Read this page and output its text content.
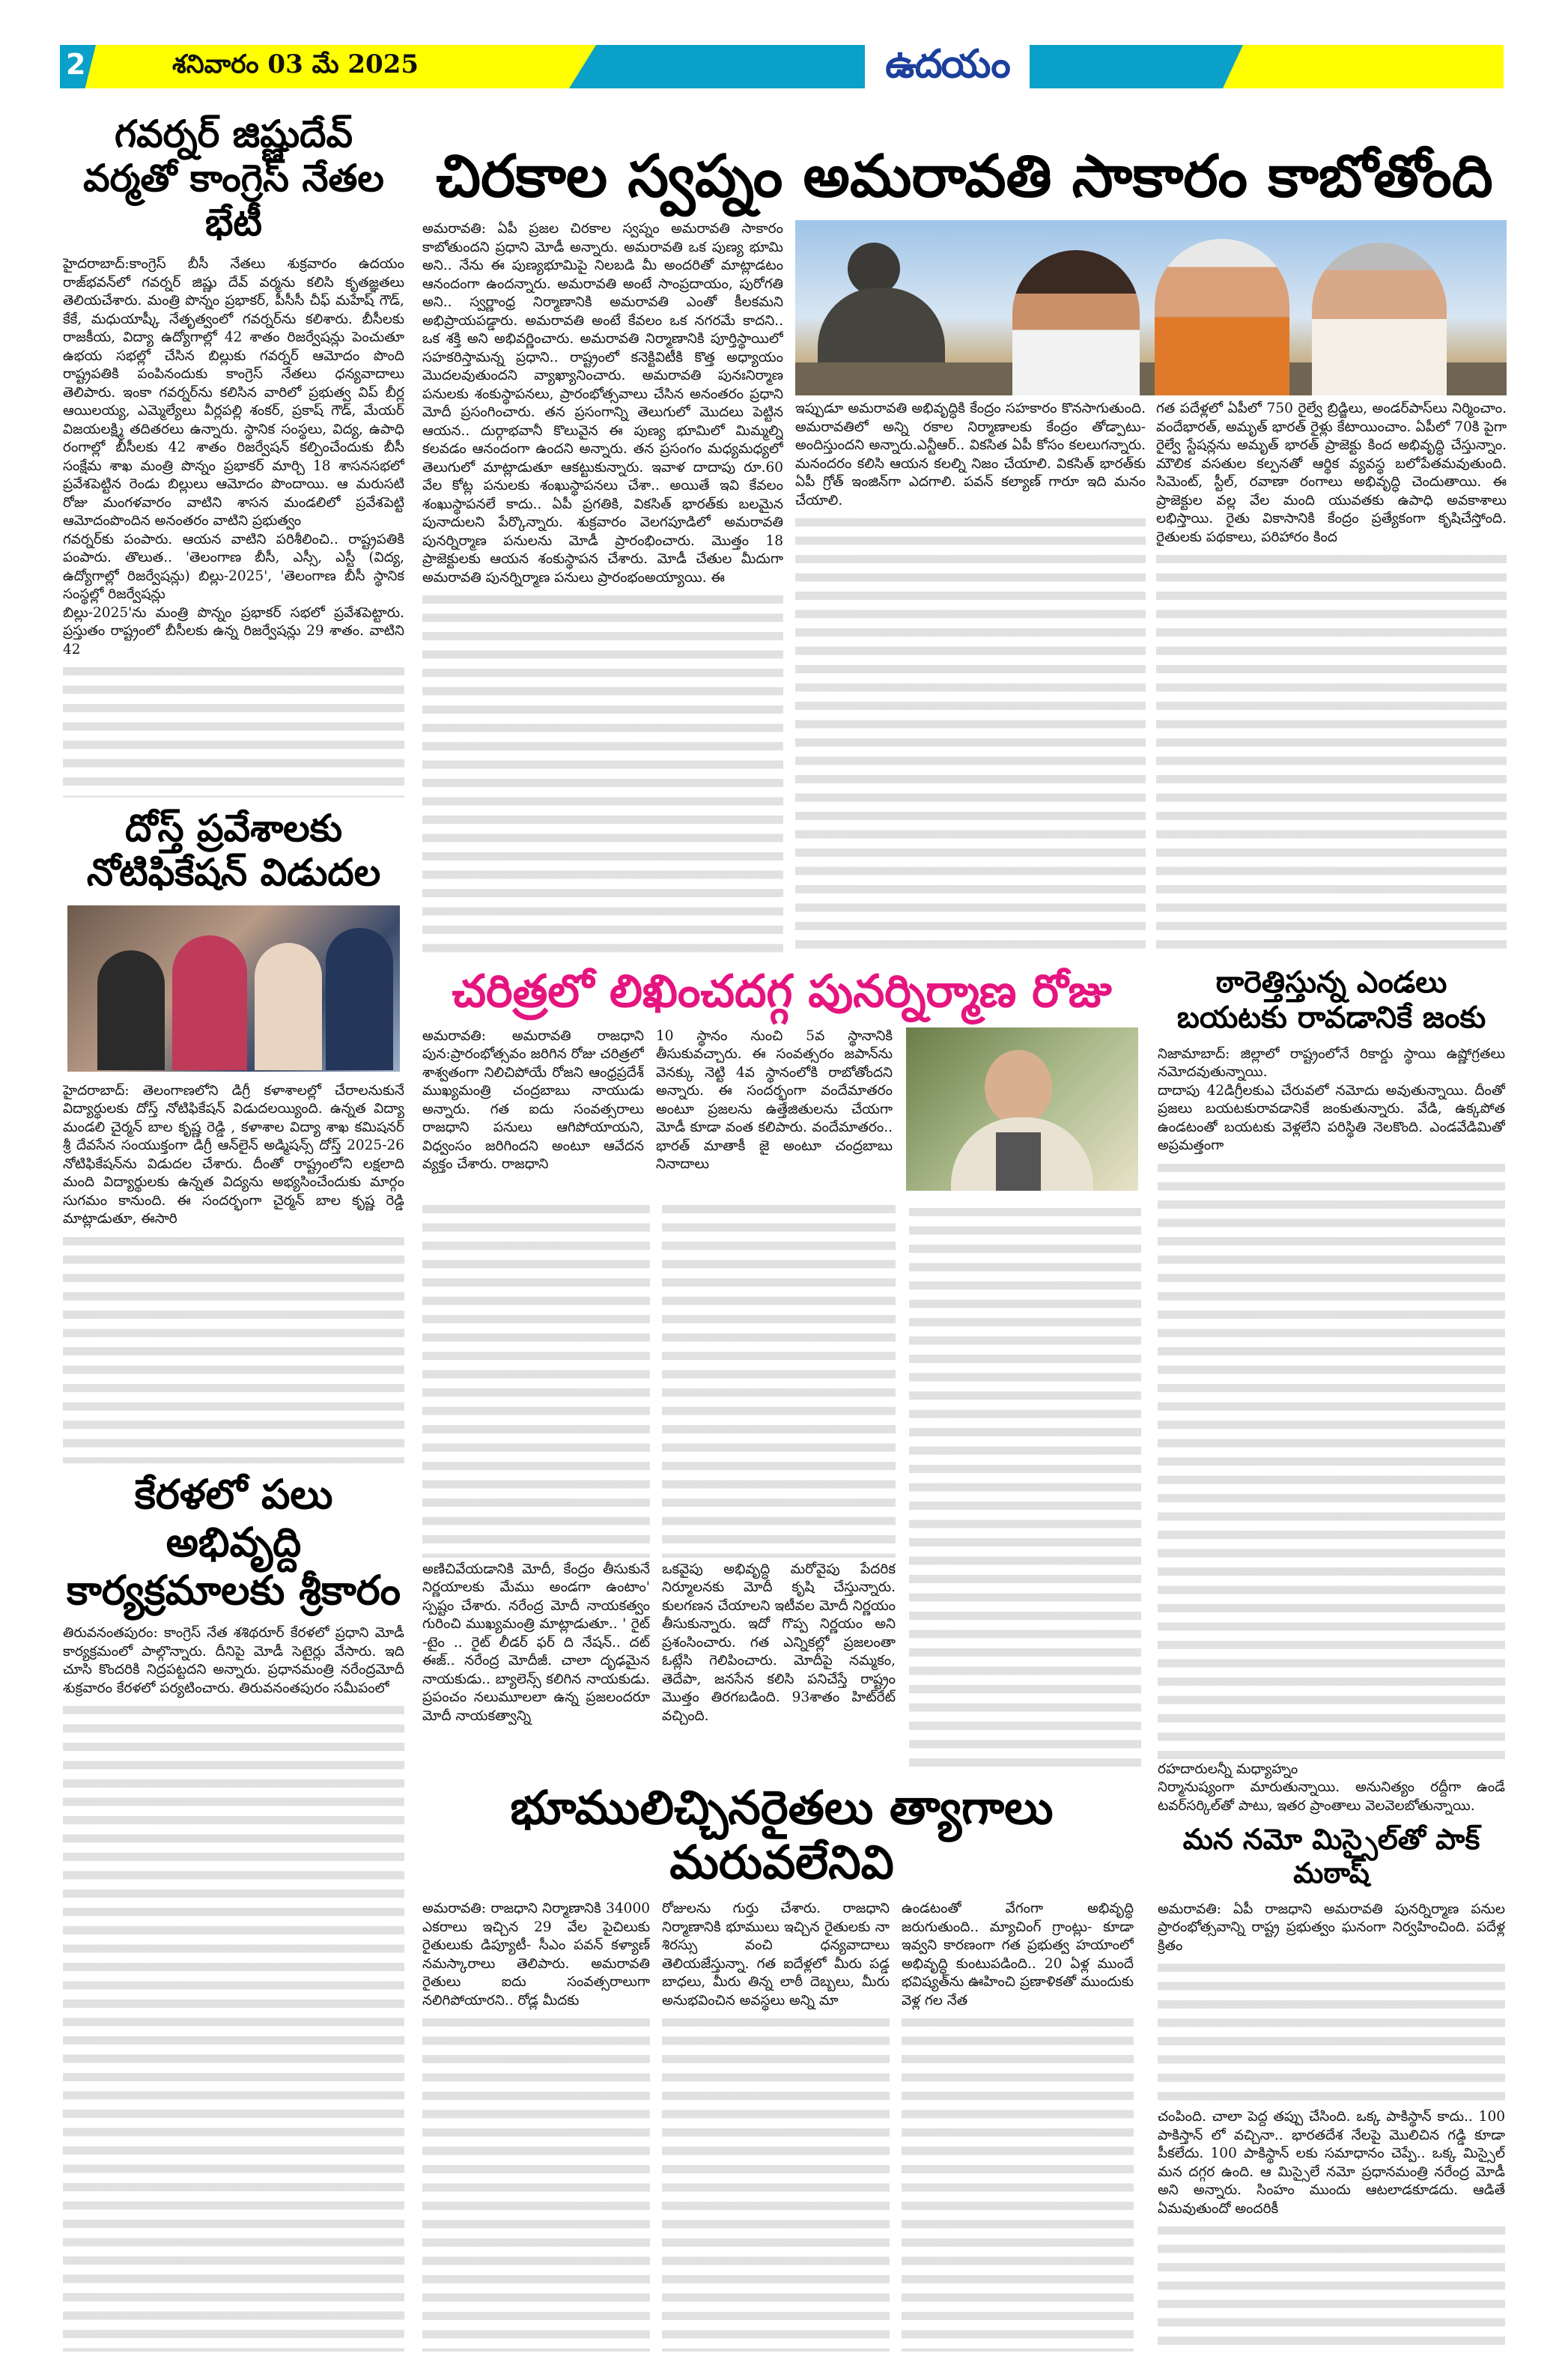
2	శనివారం 03 మే 2025
	ఉదయం

గవర్నర్ జిష్ణుదేవ్ వర్మతో కాంగ్రెస్ నేతల భేటీ

హైదరాబాద్:కాంగ్రెస్ బీసీ నేతలు శుక్రవారం ఉదయం రాజ్‌భవన్‌లో గవర్నర్ జిష్ణు దేవ్ వర్మను కలిసి కృతజ్ఞతలు తెలియచేశారు. మంత్రి పొన్నం ప్రభాకర్, పీసీసీ చీఫ్ మహేష్ గౌడ్, కేకే, మధుయాష్కీ నేతృత్వంలో గవర్నర్‌ను కలిశారు. బీసీలకు రాజకీయ, విద్యా ఉద్యోగాల్లో 42 శాతం రిజర్వేషన్లు పెంచుతూ ఉభయ సభల్లో చేసిన బిల్లుకు గవర్నర్ ఆమోదం పొంది రాష్ట్రపతికి పంపినందుకు కాంగ్రెస్ నేతలు ధన్యవాదాలు తెలిపారు. ఇంకా గవర్నర్‌ను కలిసిన వారిలో ప్రభుత్వ విప్ బీర్ల ఆయిలయ్య, ఎమ్మెల్యేలు వీర్లపల్లి శంకర్, ప్రకాష్ గౌడ్, మేయర్ విజయలక్ష్మి తదితరలు ఉన్నారు. స్థానిక సంస్థలు, విద్య, ఉపాధి రంగాల్లో బీసీలకు 42 శాతం రిజర్వేషన్ కల్పించేందుకు బీసీ సంక్షేమ శాఖ మంత్రి పొన్నం ప్రభాకర్ మార్చి 18 శాసనసభలో ప్రవేశపెట్టిన రెండు బిల్లులు ఆమోదం పొందాయి. ఆ మరుసటి రోజు మంగళవారం వాటిని శాసన మండలిలో ప్రవేశపెట్టి ఆమోదంపొందిన అనంతరం వాటిని ప్రభుత్వం

గవర్నర్‌కు పంపారు. ఆయన వాటిని పరిశీలించి.. రాష్ట్రపతికి పంపారు. తొలుత.. 'తెలంగాణ బీసీ, ఎస్సీ, ఎస్టీ (విద్య, ఉద్యోగాల్లో రిజర్వేషన్లు) బిల్లు-2025', 'తెలంగాణ బీసీ స్థానిక సంస్థల్లో రిజర్వేషన్లు

బిల్లు-2025'ను మంత్రి పొన్నం ప్రభాకర్ సభలో ప్రవేశపెట్టారు. ప్రస్తుతం రాష్ట్రంలో బీసీలకు ఉన్న రిజర్వేషన్లు 29 శాతం. వాటిని 42

దోస్త్ ప్రవేశాలకు నోటిఫికేషన్ విడుదల

హైదరాబాద్: తెలంగాణలోని డిగ్రీ కళాశాలల్లో చేరాలనుకునే విద్యార్థులకు దోస్త్ నోటిఫికేషన్ విడుదలయ్యింది. ఉన్నత విద్యా మండలి చైర్మన్ బాల కృష్ణ రెడ్డి , కళాశాల విద్యా శాఖ కమిషనర్ శ్రీ దేవసేన సంయుక్తంగా డిగ్రీ ఆన్‌లైన్ అడ్మిషన్స్ దోస్త్ 2025-26 నోటిఫికేషన్‌ను విడుదల చేశారు. దీంతో రాష్ట్రంలోని లక్షలాది మంది విద్యార్థులకు ఉన్నత విద్యను అభ్యసించేందుకు మార్గం సుగమం కానుంది. ఈ సందర్భంగా చైర్మన్ బాల కృష్ణ రెడ్డి మాట్లాడుతూ, ఈసారి

కేరళలో పలు అభివృద్ది కార్యక్రమాలకు శ్రీకారం

తిరువనంతపురం: కాంగ్రెస్ నేత శశిథరూర్ కేరళలో ప్రధాని మోడీ కార్యక్రమంలో పాల్గొన్నారు. దీనిపై మోడీ సెటైర్లు వేసారు. ఇది చూసి కొందరికి నిద్రపట్టదని అన్నారు. ప్రధానమంత్రి నరేంద్రమోదీ శుక్రవారం కేరళలో పర్యటించారు. తిరువనంతపురం సమీపంలో

చిరకాల స్వప్నం అమరావతి సాకారం కాబోతోంది

అమరావతి: ఏపీ ప్రజల చిరకాల స్వప్నం అమరావతి సాకారం కాబోతుందని ప్రధాని మోడీ అన్నారు. అమరావతి ఒక పుణ్య భూమి అని.. నేను ఈ పుణ్యభూమిపై నిలబడి మీ అందరితో మాట్లాడటం ఆనందంగా ఉందన్నారు. అమరావతి అంటే సాంప్రదాయం, పురోగతి అని.. స్వర్ణాంధ్ర నిర్మాణానికి అమరావతి ఎంతో కీలకమని అభిప్రాయపడ్డారు. అమరావతి అంటే కేవలం ఒక నగరమే కాదని.. ఒక శక్తి అని అభివర్ణించారు. అమరావతి నిర్మాణానికి పూర్తిస్థాయిలో సహకరిస్తామన్న ప్రధాని.. రాష్ట్రంలో కనెక్టివిటీకి కొత్త అధ్యాయం మొదలవుతుందని వ్యాఖ్యానించారు. అమరావతి పునఃనిర్మాణ పనులకు శంకుస్థాపనలు, ప్రారంభోత్సవాలు చేసిన అనంతరం ప్రధాని మోదీ ప్రసంగించారు. తన ప్రసంగాన్ని తెలుగులో మొదలు పెట్టిన ఆయన.. దుర్గాభవానీ కొలువైన ఈ పుణ్య భూమిలో మిమ్మల్ని కలవడం ఆనందంగా ఉందని అన్నారు. తన ప్రసంగం మధ్యమధ్యలో తెలుగులో మాట్లాడుతూ ఆకట్టుకున్నారు. ఇవాళ దాదాపు రూ.60 వేల కోట్ల పనులకు శంఖుస్థాపనలు చేశా.. అయితే ఇవి కేవలం శంఖుస్థాపనలే కాదు.. ఏపీ ప్రగతికి, వికసిత్ భారత్‌కు బలమైన పునాదులని పేర్కొన్నారు. శుక్రవారం వెలగపూడిలో అమరావతి పునర్నిర్మాణ పనులను మోడీ ప్రారంభించారు. మొత్తం 18 ప్రాజెక్టులకు ఆయన శంకుస్థాపన చేశారు. మోడీ చేతుల మీదుగా అమరావతి పునర్నిర్మాణ పనులు ప్రారంభంఅయ్యాయి. ఈ

ఇప్పుడూ అమరావతి అభివృద్ధికి కేంద్రం సహకారం కొనసాగుతుంది. అమరావతిలో అన్ని రకాల నిర్మాణాలకు కేంద్రం తోడ్పాటు- అందిస్తుందని అన్నారు.ఎన్టీఆర్.. వికసిత ఏపీ కోసం కలలుగన్నారు. మనందరం కలిసి ఆయన కలల్ని నిజం చేయాలి. వికసిత్ భారత్‌కు ఏపీ గ్రోత్ ఇంజిన్‌గా ఎదగాలి. పవన్ కల్యాణ్ గారూ ఇది మనం చేయాలి.

గత పదేళ్లలో ఏపీలో 750 రైల్వే బ్రిడ్జిలు, అండర్‌పాస్‌లు నిర్మించాం. వందేభారత్, అమృత్ భారత్ రైళ్లు కేటాయించాం. ఏపీలో 70కి పైగా రైల్వే స్టేషన్లను అమృత్ భారత్ ప్రాజెక్టు కింద అభివృద్ధి చేస్తున్నాం. మౌలిక వసతుల కల్పనతో ఆర్థిక వ్యవస్థ బలోపేతమవుతుంది. సిమెంట్, స్టీల్, రవాణా రంగాలు అభివృద్ధి చెందుతాయి. ఈ ప్రాజెక్టుల వల్ల వేల మంది యువతకు ఉపాధి అవకాశాలు లభిస్తాయి. రైతు వికాసానికి కేంద్రం ప్రత్యేకంగా కృషిచేస్తోంది. రైతులకు పథకాలు, పరిహారం కింద

చరిత్రలో లిఖించదగ్గ పునర్నిర్మాణ రోజు

అమరావతి: అమరావతి రాజధాని పున:ప్రారంభోత్సవం జరిగిన రోజు చరిత్రలో శాశ్వతంగా నిలిచిపోయే రోజని ఆంధ్రప్రదేశ్ ముఖ్యమంత్రి చంద్రబాబు నాయుడు అన్నారు. గత ఐదు సంవత్సరాలు రాజధాని పనులు ఆగిపోయాయని, విధ్వంసం జరిగిందని అంటూ ఆవేదన వ్యక్తం చేశారు. రాజధాని

10 స్థానం నుంచి 5వ స్థానానికి తీసుకువచ్చారు. ఈ సంవత్సరం జపాన్‌ను వెనక్కు నెట్టి 4వ స్థానంలోకి రాబోతోందని అన్నారు. ఈ సందర్భంగా వందేమాతరం అంటూ ప్రజలను ఉత్తేజితులను చేయగా మోడీ కూడా వంత కలిపారు. వందేమాతరం.. భారత్ మాతాకీ జై అంటూ చంద్రబాబు నినాదాలు

అణిచివేయడానికి మోదీ, కేంద్రం తీసుకునే నిర్ణయాలకు మేము అండగా ఉంటాం' స్పష్టం చేశారు. నరేంద్ర మోదీ నాయకత్వం గురించి ముఖ్యమంత్రి మాట్లాడుతూ.. ' రైట్ -టైం .. రైట్ లీడర్ ఫర్ ది నేషన్.. దట్ ఈజ్.. నరేంద్ర మోదీజీ. చాలా దృఢమైన నాయకుడు.. బ్యాలెన్స్ కలిగిన నాయకుడు. ప్రపంచం నలుమూలలా ఉన్న ప్రజలందరూ మోదీ నాయకత్వాన్ని

ఒకవైపు అభివృద్ధి మరోవైపు పేదరిక నిర్మూలనకు మోదీ కృషి చేస్తున్నారు. కులగణన చేయాలని ఇటీవల మోదీ నిర్ణయం తీసుకున్నారు. ఇదో గొప్ప నిర్ణయం అని ప్రశంసించారు. గత ఎన్నికల్లో ప్రజలంతా ఓట్లేసి గెలిపించారు. మోదీపై నమ్మకం, తెదేపా, జనసేన కలిసి పనిచేస్తే రాష్ట్రం మొత్తం తిరగబడింది. 93శాతం హిట్‌రేట్ వచ్చింది.

భూములిచ్చినరైతలు త్యాగాలు మరువలేనివి

అమరావతి: రాజధాని నిర్మాణానికి 34000 ఎకరాలు ఇచ్చిన 29 వేల పైచిలుకు రైతులుకు డిప్యూటీ- సీఎం పవన్ కళ్యాణ్ నమస్కారాలు తెలిపారు. అమరావతి రైతులు ఐదు సంవత్సరాలుగా నలిగిపోయారని.. రోడ్ల మీదకు

రోజులను గుర్తు చేశారు. రాజధాని నిర్మాణానికి భూములు ఇచ్చిన రైతులకు నా శిరస్సు వంచి ధన్యవాదాలు తెలియజేస్తున్నా. గత ఐదేళ్లలో మీరు పడ్డ బాధలు, మీరు తిన్న లాఠీ దెబ్బలు, మీరు అనుభవించిన అవస్థలు అన్ని మా

ఉండటంతో వేగంగా అభివృద్ధి జరుగుతుంది.. మ్యాచింగ్ గ్రాంట్లు- కూడా ఇవ్వని కారణంగా గత ప్రభుత్వ హయాంలో అభివృద్ధి కుంటుపడింది.. 20 ఏళ్ల ముందే భవిష్యత్‌ను ఊహించి ప్రణాళికతో ముందుకు వెళ్ల గల నేత

ఠారెత్తిస్తున్న ఎండలు బయటకు రావడానికే జంకు

నిజామాబాద్: జిల్లాలో రాష్ట్రంలోనే రికార్డు స్థాయి ఉష్ణోగ్రతలు నమోదవుతున్నాయి.

దాదాపు 42డిగ్రీలకుఎ చేరువలో నమోదు అవుతున్నాయి. దీంతో ప్రజలు బయటకురావడానికే జంకుతున్నారు. వేడి, ఉక్కపోత ఉండటంతో బయటకు వెళ్లలేని పరిస్థితి నెలకొంది. ఎండవేడిమితో అప్రమత్తంగా

రహదారులన్నీ మధ్యాహ్నం

నిర్మానుష్యంగా మారుతున్నాయి. అనునిత్యం రద్దీగా ఉండే టవర్‌సర్కిల్‌తో పాటు, ఇతర ప్రాంతాలు వెలవెలబోతున్నాయి.

మన నమో మిస్సైల్‌తో పాక్ మఠాష్

అమరావతి: ఏపీ రాజధాని అమరావతి పునర్నిర్మాణ పనుల ప్రారంభోత్సవాన్ని రాష్ట్ర ప్రభుత్వం ఘనంగా నిర్వహించింది. పదేళ్ల క్రితం

చంపింది. చాలా పెద్ద తప్పు చేసింది. ఒక్క పాకిస్థాన్ కాదు.. 100 పాకిస్తాన్ లో వచ్చినా.. భారతదేశ నేలపై మొలిచిన గడ్డి కూడా పీకలేదు. 100 పాకిస్థాన్ లకు సమాధానం చెప్పే.. ఒక్క మిస్సైల్ మన దగ్గర ఉంది. ఆ మిస్సైలే నమో ప్రధానమంత్రి నరేంద్ర మోడీ అని అన్నారు. సింహం ముందు ఆటలాడకూడదు. ఆడితే ఏమవుతుందో అందరికీ
